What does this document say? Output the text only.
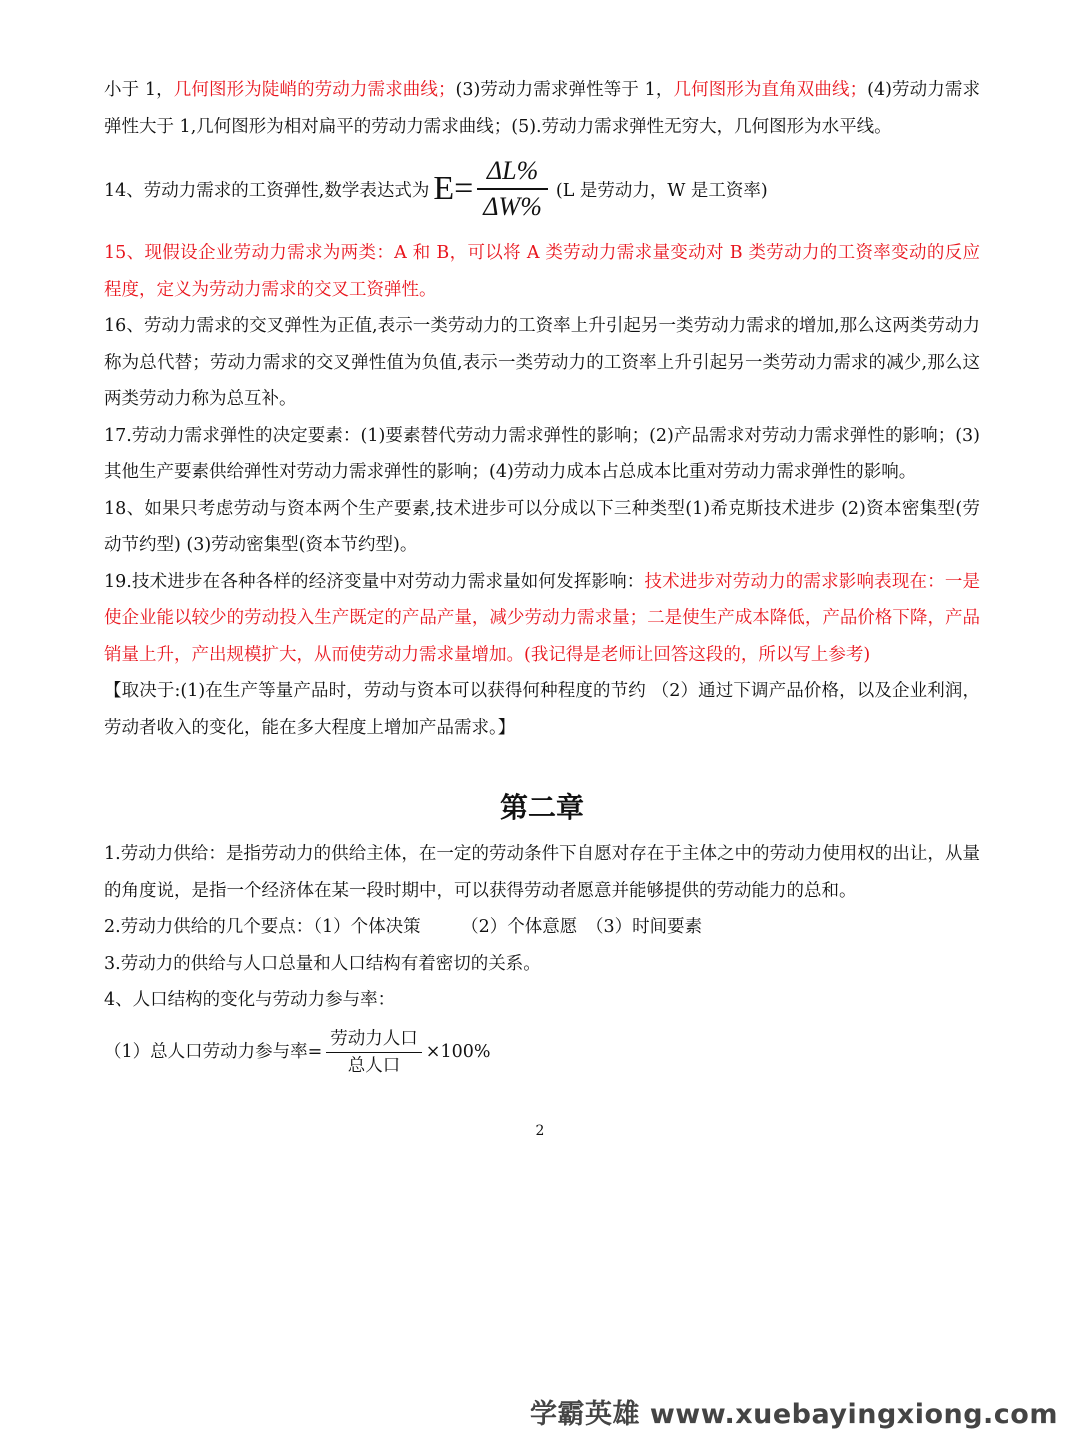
小于 1，几何图形为陡峭的劳动力需求曲线；(3)劳动力需求弹性等于 1，几何图形为直角双曲线；(4)劳动力需求弹性大于 1,几何图形为相对扁平的劳动力需求曲线；(5).劳动力需求弹性无穷大，几何图形为水平线。

14、劳动力需求的工资弹性,数学表达式为 $E= \frac{\Delta L\%}{\Delta W\%} (L$ 是劳动力，W 是工资率)

15、现假设企业劳动力需求为两类：A 和 B，可以将 A 类劳动力需求量变动对 B 类劳动力的工资率变动的反应程度，定义为劳动力需求的交叉工资弹性。

16、劳动力需求的交叉弹性为正值,表示一类劳动力的工资率上升引起另一类劳动力需求的增加,那么这两类劳动力称为总代替；劳动力需求的交叉弹性值为负值,表示一类劳动力的工资率上升引起另一类劳动力需求的减少,那么这两类劳动力称为总互补。

17.劳动力需求弹性的决定要素：(1)要素替代劳动力需求弹性的影响；(2)产品需求对劳动力需求弹性的影响；(3)其他生产要素供给弹性对劳动力需求弹性的影响；(4)劳动力成本占总成本比重对劳动力需求弹性的影响。

18、如果只考虑劳动与资本两个生产要素,技术进步可以分成以下三种类型(1)希克斯技术进步 (2)资本密集型(劳动节约型) (3)劳动密集型(资本节约型)。

19.技术进步在各种各样的经济变量中对劳动力需求量如何发挥影响：技术进步对劳动力的需求影响表现在：一是使企业能以较少的劳动投入生产既定的产品产量，减少劳动力需求量；二是使生产成本降低，产品价格下降，产品销量上升，产出规模扩大，从而使劳动力需求量增加。(我记得是老师让回答这段的，所以写上参考)

【取决于:(1)在生产等量产品时，劳动与资本可以获得何种程度的节约 （2）通过下调产品价格，以及企业利润，劳动者收入的变化，能在多大程度上增加产品需求。】

第二章

1.劳动力供给：是指劳动力的供给主体，在一定的劳动条件下自愿对存在于主体之中的劳动力使用权的出让，从量的角度说，是指一个经济体在某一段时期中，可以获得劳动者愿意并能够提供的劳动能力的总和。

2.劳动力供给的几个要点：（1）个体决策　　 （2）个体意愿　（3）时间要素

3.劳动力的供给与人口总量和人口结构有着密切的关系。

4、人口结构的变化与劳动力参与率：

（1）总人口劳动力参与率= $\frac{\text{劳动力人口}}{\text{总人口}} \times 100\%$
2
学霸英雄 www.xuebayingxiong.com
